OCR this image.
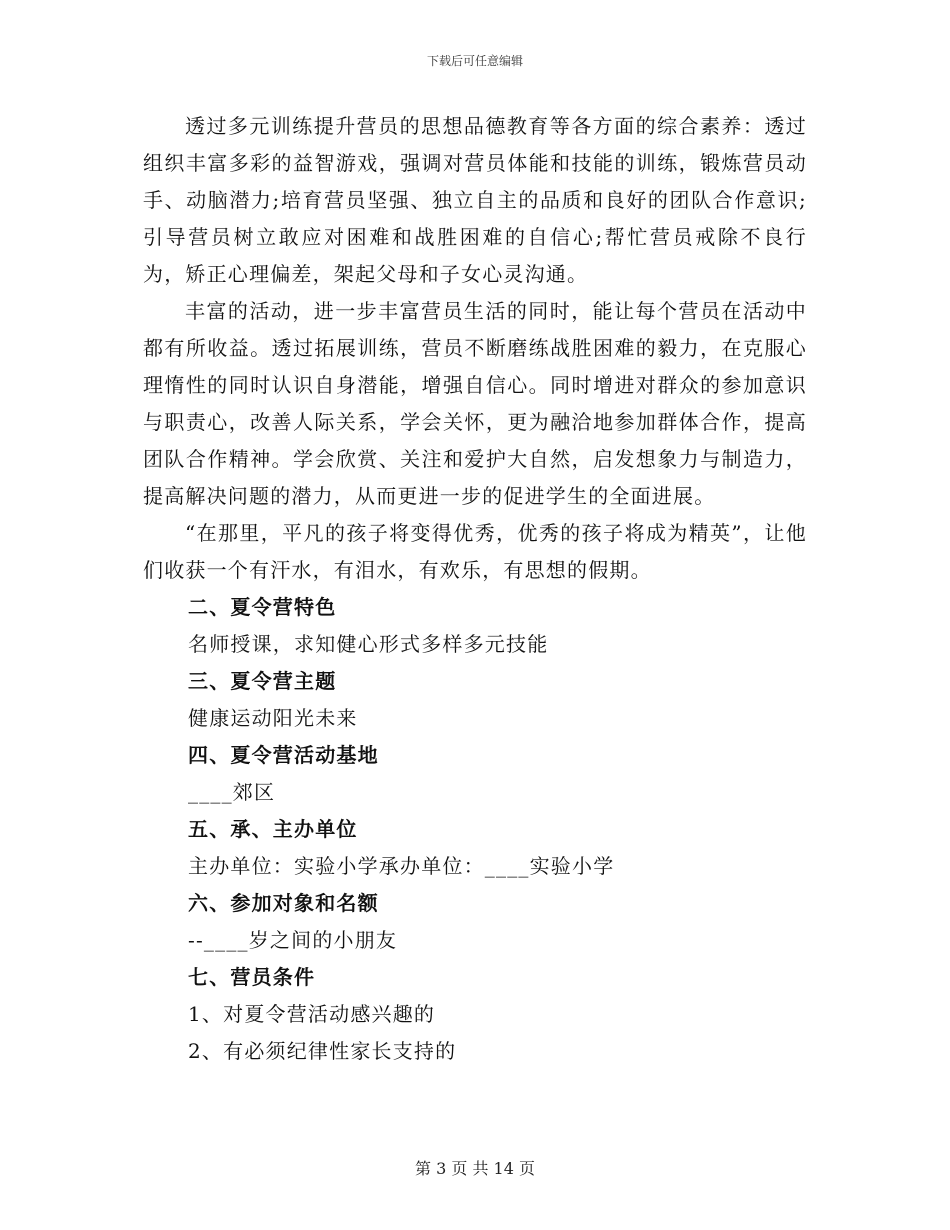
下载后可任意编辑

透过多元训练提升营员的思想品德教育等各方面的综合素养：透过组织丰富多彩的益智游戏，强调对营员体能和技能的训练，锻炼营员动手、动脑潜力;培育营员坚强、独立自主的品质和良好的团队合作意识;引导营员树立敢应对困难和战胜困难的自信心;帮忙营员戒除不良行为，矫正心理偏差，架起父母和子女心灵沟通。

丰富的活动，进一步丰富营员生活的同时，能让每个营员在活动中都有所收益。透过拓展训练，营员不断磨练战胜困难的毅力，在克服心理惰性的同时认识自身潜能，增强自信心。同时增进对群众的参加意识与职责心，改善人际关系，学会关怀，更为融洽地参加群体合作，提高团队合作精神。学会欣赏、关注和爱护大自然，启发想象力与制造力，提高解决问题的潜力，从而更进一步的促进学生的全面进展。

“在那里，平凡的孩子将变得优秀，优秀的孩子将成为精英”，让他们收获一个有汗水，有泪水，有欢乐，有思想的假期。

二、夏令营特色

名师授课，求知健心形式多样多元技能

三、夏令营主题

健康运动阳光未来

四、夏令营活动基地

____郊区

五、承、主办单位

主办单位：实验小学承办单位：____实验小学

六、参加对象和名额

--____岁之间的小朋友

七、营员条件

1、对夏令营活动感兴趣的

2、有必须纪律性家长支持的

第 3 页 共 14 页
